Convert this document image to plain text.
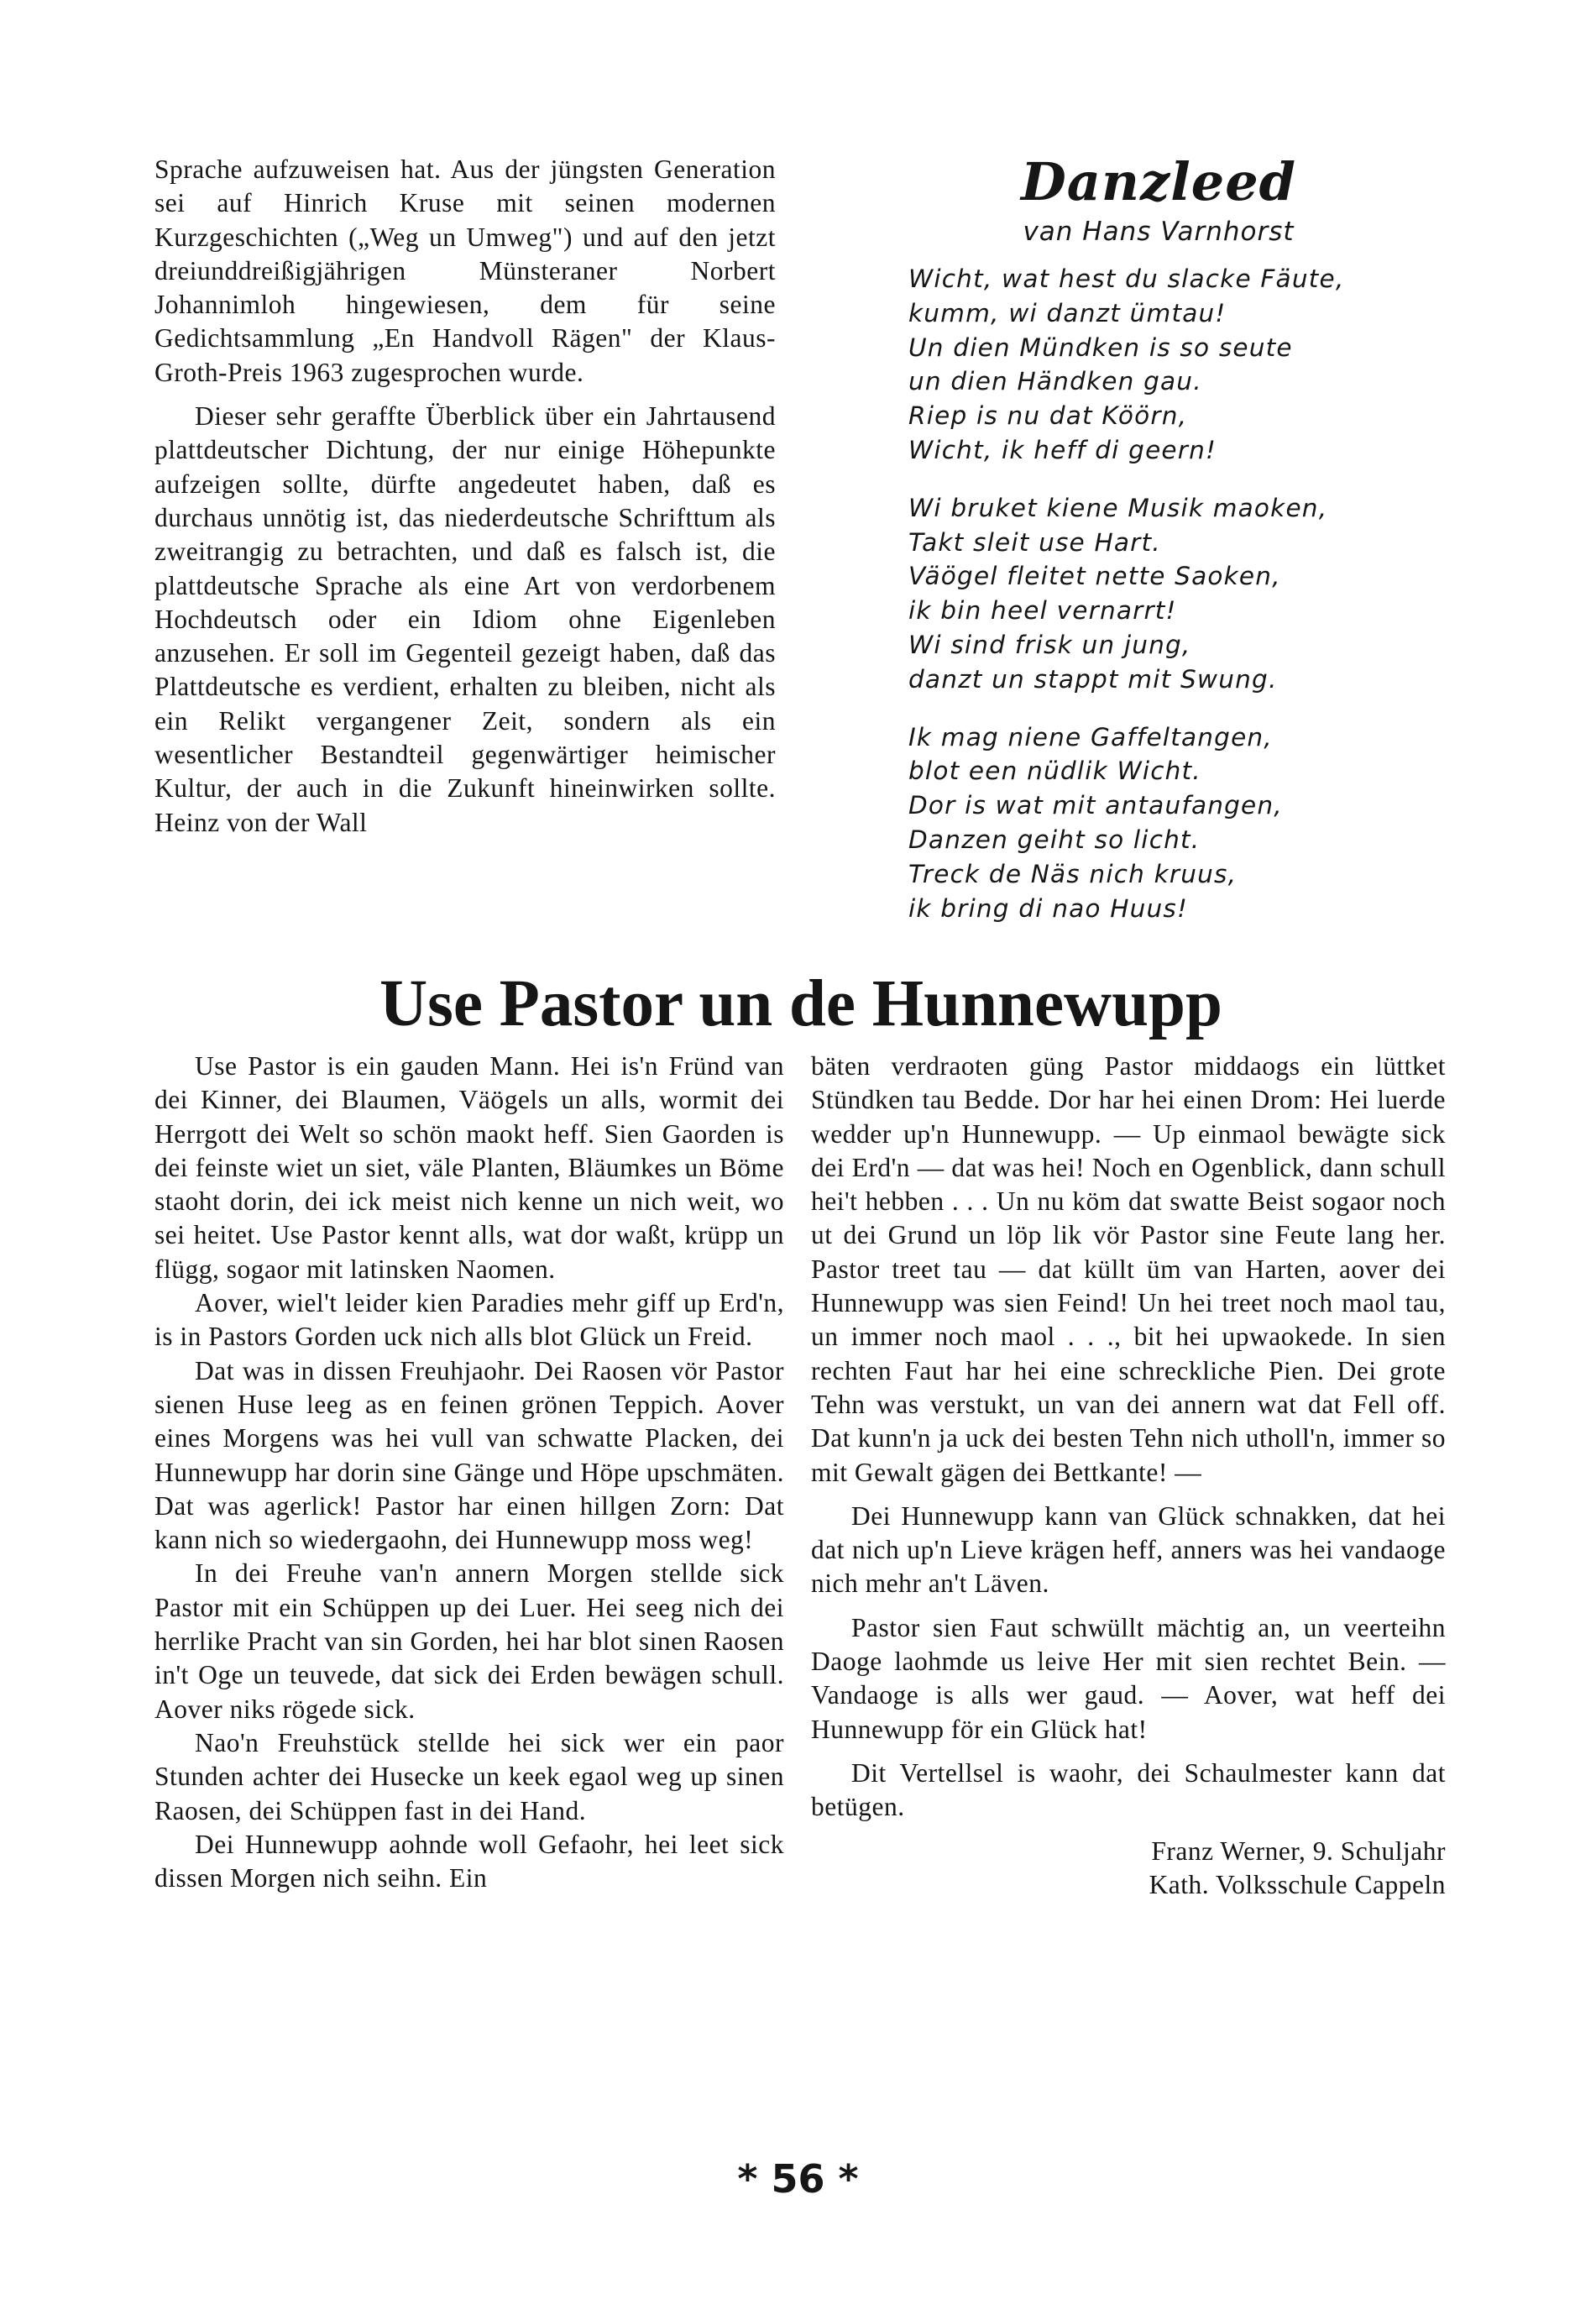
Sprache aufzuweisen hat. Aus der jüngsten Generation sei auf Hinrich Kruse mit seinen modernen Kurzgeschichten („Weg un Umweg") und auf den jetzt dreiunddreißigjährigen Münsteraner Norbert Johannimloh hingewiesen, dem für seine Gedichtsammlung „En Handvoll Rägen" der Klaus-Groth-Preis 1963 zugesprochen wurde.

Dieser sehr geraffte Überblick über ein Jahrtausend plattdeutscher Dichtung, der nur einige Höhepunkte aufzeigen sollte, dürfte angedeutet haben, daß es durchaus unnötig ist, das niederdeutsche Schrifttum als zweitrangig zu betrachten, und daß es falsch ist, die plattdeutsche Sprache als eine Art von verdorbenem Hochdeutsch oder ein Idiom ohne Eigenleben anzusehen. Er soll im Gegenteil gezeigt haben, daß das Plattdeutsche es verdient, erhalten zu bleiben, nicht als ein Relikt vergangener Zeit, sondern als ein wesentlicher Bestandteil gegenwärtiger heimischer Kultur, der auch in die Zukunft hineinwirken sollte. Heinz von der Wall

Danzleed
van Hans Varnhorst
Wicht, wat hest du slacke Fäute,
kumm, wi danzt ümtau!
Un dien Mündken is so seute
un dien Händken gau.
Riep is nu dat Köörn,
Wicht, ik heff di geern!
Wi bruket kiene Musik maoken,
Takt sleit use Hart.
Väögel fleitet nette Saoken,
ik bin heel vernarrt!
Wi sind frisk un jung,
danzt un stappt mit Swung.
Ik mag niene Gaffeltangen,
blot een nüdlik Wicht.
Dor is wat mit antaufangen,
Danzen geiht so licht.
Treck de Näs nich kruus,
ik bring di nao Huus!
Use Pastor un de Hunnewupp

Use Pastor is ein gauden Mann. Hei is'n Fründ van dei Kinner, dei Blaumen, Väögels un alls, wormit dei Herrgott dei Welt so schön maokt heff. Sien Gaorden is dei feinste wiet un siet, väle Planten, Bläumkes un Böme staoht dorin, dei ick meist nich kenne un nich weit, wo sei heitet. Use Pastor kennt alls, wat dor waßt, krüpp un flügg, sogaor mit latinsken Naomen.

Aover, wiel't leider kien Paradies mehr giff up Erd'n, is in Pastors Gorden uck nich alls blot Glück un Freid.

Dat was in dissen Freuhjaohr. Dei Raosen vör Pastor sienen Huse leeg as en feinen grönen Teppich. Aover eines Morgens was hei vull van schwatte Placken, dei Hunnewupp har dorin sine Gänge und Höpe upschmäten. Dat was agerlick! Pastor har einen hillgen Zorn: Dat kann nich so wiedergaohn, dei Hunnewupp moss weg!

In dei Freuhe van'n annern Morgen stellde sick Pastor mit ein Schüppen up dei Luer. Hei seeg nich dei herrlike Pracht van sin Gorden, hei har blot sinen Raosen in't Oge un teuvede, dat sick dei Erden bewägen schull. Aover niks rögede sick.

Nao'n Freuhstück stellde hei sick wer ein paor Stunden achter dei Husecke un keek egaol weg up sinen Raosen, dei Schüppen fast in dei Hand.

Dei Hunnewupp aohnde woll Gefaohr, hei leet sick dissen Morgen nich seihn. Ein

bäten verdraoten güng Pastor middaogs ein lüttket Stündken tau Bedde. Dor har hei einen Drom: Hei luerde wedder up'n Hunnewupp. — Up einmaol bewägte sick dei Erd'n — dat was hei! Noch en Ogenblick, dann schull hei't hebben . . . Un nu köm dat swatte Beist sogaor noch ut dei Grund un löp lik vör Pastor sine Feute lang her. Pastor treet tau — dat küllt üm van Harten, aover dei Hunnewupp was sien Feind! Un hei treet noch maol tau, un immer noch maol . . ., bit hei upwaokede. In sien rechten Faut har hei eine schreckliche Pien. Dei grote Tehn was verstukt, un van dei annern wat dat Fell off. Dat kunn'n ja uck dei besten Tehn nich utholl'n, immer so mit Gewalt gägen dei Bettkante! —

Dei Hunnewupp kann van Glück schnakken, dat hei dat nich up'n Lieve krägen heff, anners was hei vandaoge nich mehr an't Läven.

Pastor sien Faut schwüllt mächtig an, un veerteihn Daoge laohmde us leive Her mit sien rechtet Bein. — Vandaoge is alls wer gaud. — Aover, wat heff dei Hunnewupp för ein Glück hat!

Dit Vertellsel is waohr, dei Schaulmester kann dat betügen.

Franz Werner, 9. Schuljahr

Kath. Volksschule Cappeln

* 56 *
